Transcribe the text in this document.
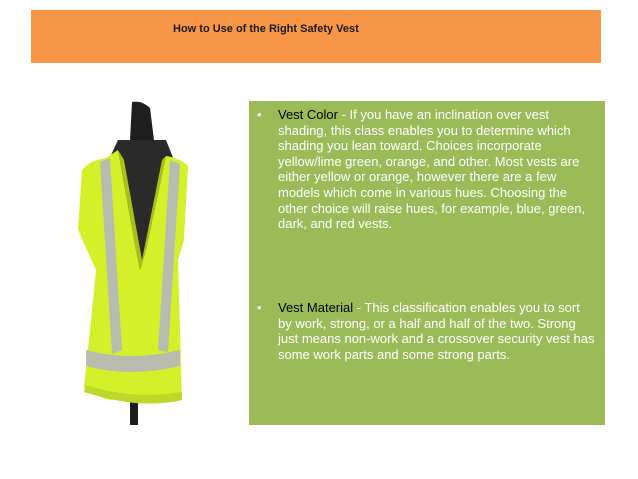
How to Use of the Right Safety Vest
• Vest Color - If you have an inclination over vest shading, this class enables you to determine which shading you lean toward. Choices incorporate yellow/lime green, orange, and other. Most vests are either yellow or orange, however there are a few models which come in various hues. Choosing the other choice will raise hues, for example, blue, green, dark, and red vests.
• Vest Material - This classification enables you to sort by work, strong, or a half and half of the two. Strong just means non-work and a crossover security vest has some work parts and some strong parts.
